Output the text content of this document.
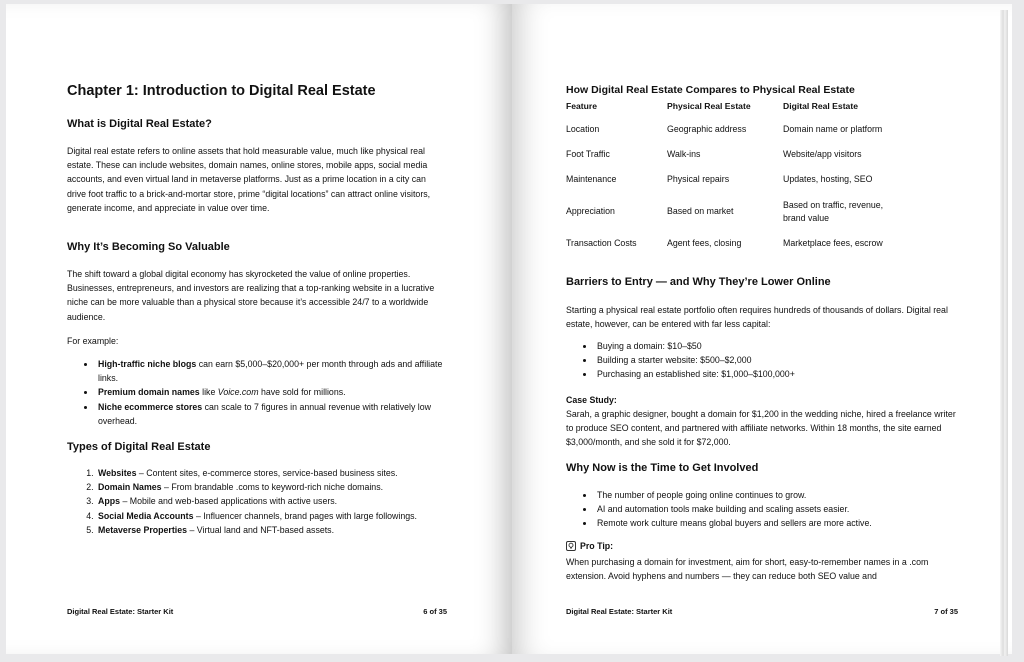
Chapter 1: Introduction to Digital Real Estate
What is Digital Real Estate?

Digital real estate refers to online assets that hold measurable value, much like physical real estate. These can include websites, domain names, online stores, mobile apps, social media accounts, and even virtual land in metaverse platforms. Just as a prime location in a city can drive foot traffic to a brick-and-mortar store, prime “digital locations” can attract online visitors, generate income, and appreciate in value over time.

Why It’s Becoming So Valuable

The shift toward a global digital economy has skyrocketed the value of online properties. Businesses, entrepreneurs, and investors are realizing that a top-ranking website in a lucrative niche can be more valuable than a physical store because it’s accessible 24/7 to a worldwide audience.

For example:

• High-traffic niche blogs can earn $5,000–$20,000+ per month through ads and affiliate links.
• Premium domain names like Voice.com have sold for millions.
• Niche ecommerce stores can scale to 7 figures in annual revenue with relatively low overhead.
Types of Digital Real Estate
1. Websites – Content sites, e-commerce stores, service-based business sites.
2. Domain Names – From brandable .coms to keyword-rich niche domains.
3. Apps – Mobile and web-based applications with active users.
4. Social Media Accounts – Influencer channels, brand pages with large followings.
5. Metaverse Properties – Virtual land and NFT-based assets.
Digital Real Estate: Starter Kit	6 of 35
How Digital Real Estate Compares to Physical Real Estate
Feature	Physical Real Estate	Digital Real Estate
Location	Geographic address	Domain name or platform
Foot Traffic	Walk-ins	Website/app visitors
Maintenance	Physical repairs	Updates, hosting, SEO
Appreciation	Based on market	Based on traffic, revenue, brand value
Transaction Costs	Agent fees, closing	Marketplace fees, escrow
Barriers to Entry — and Why They’re Lower Online

Starting a physical real estate portfolio often requires hundreds of thousands of dollars. Digital real estate, however, can be entered with far less capital:

• Buying a domain: $10–$50
• Building a starter website: $500–$2,000
• Purchasing an established site: $1,000–$100,000+

Case Study:

Sarah, a graphic designer, bought a domain for $1,200 in the wedding niche, hired a freelance writer to produce SEO content, and partnered with affiliate networks. Within 18 months, the site earned $3,000/month, and she sold it for $72,000.

Why Now is the Time to Get Involved
• The number of people going online continues to grow.
• AI and automation tools make building and scaling assets easier.
• Remote work culture means global buyers and sellers are more active.
Pro Tip:

When purchasing a domain for investment, aim for short, easy-to-remember names in a .com extension. Avoid hyphens and numbers — they can reduce both SEO value and

Digital Real Estate: Starter Kit	7 of 35
